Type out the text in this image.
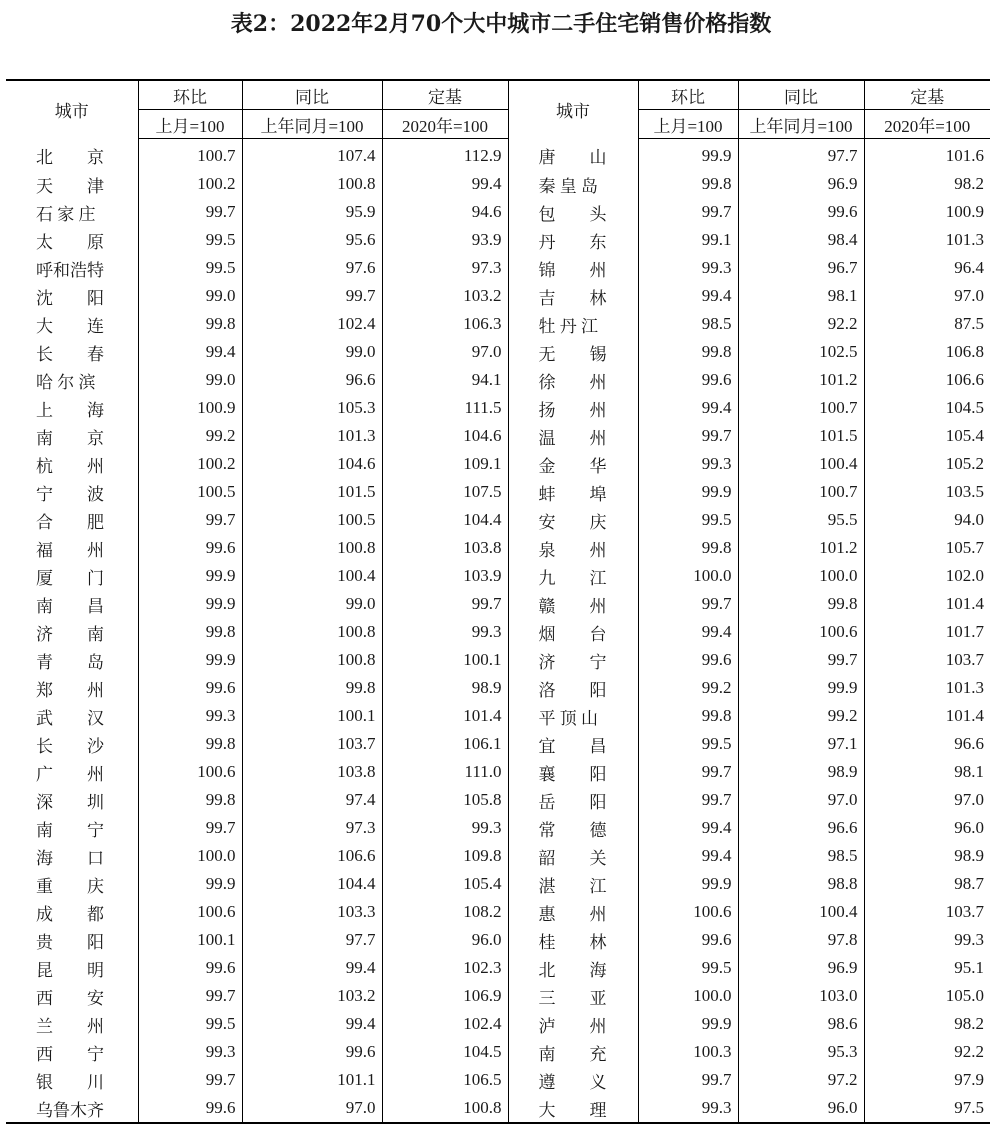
表2：2022年2月70个大中城市二手住宅销售价格指数
城市	环比	同比	定基	城市	环比	同比	定基
	上月=100	上年同月=100	2020年=100		上月=100	上年同月=100	2020年=100
北　　京	100.7	107.4	112.9	唐　　山	99.9	97.7	101.6
天　　津	100.2	100.8	99.4	秦 皇 岛	99.8	96.9	98.2
石 家 庄	99.7	95.9	94.6	包　　头	99.7	99.6	100.9
太　　原	99.5	95.6	93.9	丹　　东	99.1	98.4	101.3
呼和浩特	99.5	97.6	97.3	锦　　州	99.3	96.7	96.4
沈　　阳	99.0	99.7	103.2	吉　　林	99.4	98.1	97.0
大　　连	99.8	102.4	106.3	牡 丹 江	98.5	92.2	87.5
长　　春	99.4	99.0	97.0	无　　锡	99.8	102.5	106.8
哈 尔 滨	99.0	96.6	94.1	徐　　州	99.6	101.2	106.6
上　　海	100.9	105.3	111.5	扬　　州	99.4	100.7	104.5
南　　京	99.2	101.3	104.6	温　　州	99.7	101.5	105.4
杭　　州	100.2	104.6	109.1	金　　华	99.3	100.4	105.2
宁　　波	100.5	101.5	107.5	蚌　　埠	99.9	100.7	103.5
合　　肥	99.7	100.5	104.4	安　　庆	99.5	95.5	94.0
福　　州	99.6	100.8	103.8	泉　　州	99.8	101.2	105.7
厦　　门	99.9	100.4	103.9	九　　江	100.0	100.0	102.0
南　　昌	99.9	99.0	99.7	赣　　州	99.7	99.8	101.4
济　　南	99.8	100.8	99.3	烟　　台	99.4	100.6	101.7
青　　岛	99.9	100.8	100.1	济　　宁	99.6	99.7	103.7
郑　　州	99.6	99.8	98.9	洛　　阳	99.2	99.9	101.3
武　　汉	99.3	100.1	101.4	平 顶 山	99.8	99.2	101.4
长　　沙	99.8	103.7	106.1	宜　　昌	99.5	97.1	96.6
广　　州	100.6	103.8	111.0	襄　　阳	99.7	98.9	98.1
深　　圳	99.8	97.4	105.8	岳　　阳	99.7	97.0	97.0
南　　宁	99.7	97.3	99.3	常　　德	99.4	96.6	96.0
海　　口	100.0	106.6	109.8	韶　　关	99.4	98.5	98.9
重　　庆	99.9	104.4	105.4	湛　　江	99.9	98.8	98.7
成　　都	100.6	103.3	108.2	惠　　州	100.6	100.4	103.7
贵　　阳	100.1	97.7	96.0	桂　　林	99.6	97.8	99.3
昆　　明	99.6	99.4	102.3	北　　海	99.5	96.9	95.1
西　　安	99.7	103.2	106.9	三　　亚	100.0	103.0	105.0
兰　　州	99.5	99.4	102.4	泸　　州	99.9	98.6	98.2
西　　宁	99.3	99.6	104.5	南　　充	100.3	95.3	92.2
银　　川	99.7	101.1	106.5	遵　　义	99.7	97.2	97.9
乌鲁木齐	99.6	97.0	100.8	大　　理	99.3	96.0	97.5
